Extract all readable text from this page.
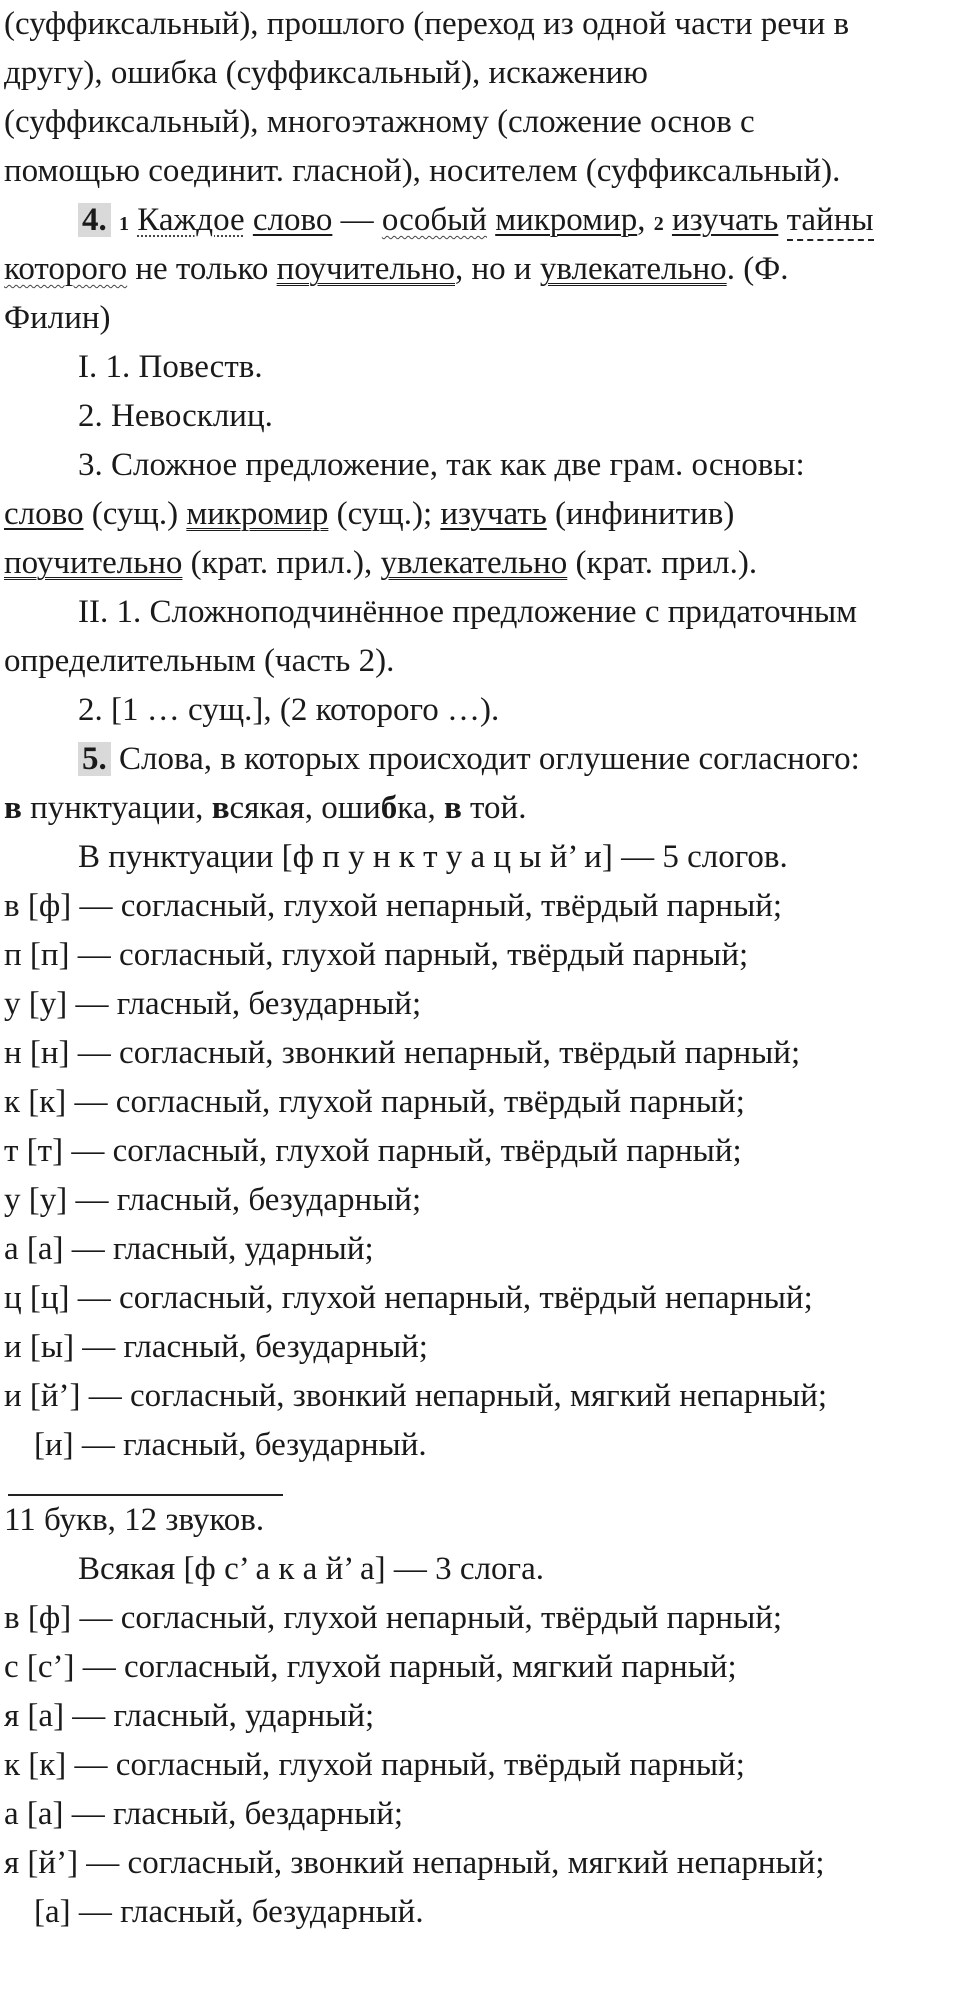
(суффиксальный), прошлого (переход из одной части речи в
другу), ошибка (суффиксальный), искажению
(суффиксальный), многоэтажному (сложение основ с
помощью соединит. гласной), носителем (суффиксальный).
4. 1 Каждое слово — особый микромир, 2 изучать тайны
которого не только поучительно, но и увлекательно. (Ф.
Филин)
I. 1. Повеств.
2. Невосклиц.
3. Сложное предложение, так как две грам. основы:
слово (сущ.) микромир (сущ.); изучать (инфинитив)
поучительно (крат. прил.), увлекательно (крат. прил.).
II. 1. Сложноподчинённое предложение с придаточным
определительным (часть 2).
2. [1 … сущ.], (2 которого …).
5. Слова, в которых происходит оглушение согласного:
в пунктуации, всякая, ошибка, в той.
В пунктуации [ф п у н к т у а ц ы й’ и] — 5 слогов.
в [ф] — согласный, глухой непарный, твёрдый парный;
п [п] — согласный, глухой парный, твёрдый парный;
у [у] — гласный, безударный;
н [н] — согласный, звонкий непарный, твёрдый парный;
к [к] — согласный, глухой парный, твёрдый парный;
т [т] — согласный, глухой парный, твёрдый парный;
у [у] — гласный, безударный;
а [а] — гласный, ударный;
ц [ц] — согласный, глухой непарный, твёрдый непарный;
и [ы] — гласный, безударный;
и [й’] — согласный, звонкий непарный, мягкий непарный;
[и] — гласный, безударный.
11 букв, 12 звуков.
Всякая [ф с’ а к а й’ а] — 3 слога.
в [ф] — согласный, глухой непарный, твёрдый парный;
с [с’] — согласный, глухой парный, мягкий парный;
я [а] — гласный, ударный;
к [к] — согласный, глухой парный, твёрдый парный;
а [а] — гласный, бездарный;
я [й’] — согласный, звонкий непарный, мягкий непарный;
[а] — гласный, безударный.
